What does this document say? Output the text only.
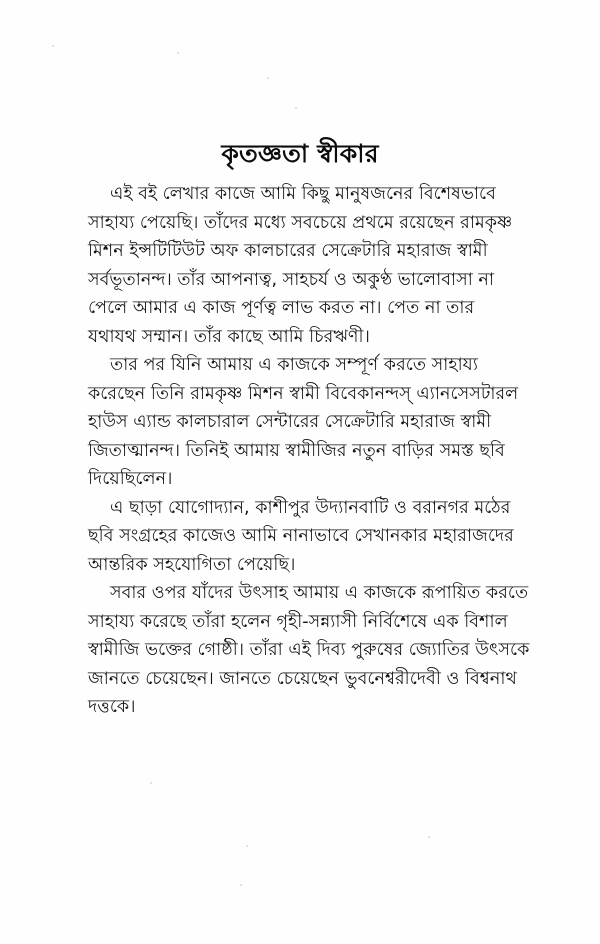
কৃতজ্ঞতা স্বীকার
এই বই লেখার কাজে আমি কিছু মানুষজনের বিশেষভাবে
সাহায্য পেয়েছি। তাঁদের মধ্যে সবচেয়ে প্রথমে রয়েছেন রামকৃষ্ণ
মিশন ইন্সটিটিউট অফ কালচারের সেক্রেটারি মহারাজ স্বামী
সর্বভূতানন্দ। তাঁর আপনাত্ব, সাহচর্য ও অকুণ্ঠ ভালোবাসা না
পেলে আমার এ কাজ পূর্ণত্ব লাভ করত না। পেত না তার
যথাযথ সম্মান। তাঁর কাছে আমি চিরঋণী।
তার পর যিনি আমায় এ কাজকে সম্পূর্ণ করতে সাহায্য
করেছেন তিনি রামকৃষ্ণ মিশন স্বামী বিবেকানন্দস্ এ্যানসেসটারল
হাউস এ্যান্ড কালচারাল সেন্টারের সেক্রেটারি মহারাজ স্বামী
জিতাত্মানন্দ। তিনিই আমায় স্বামীজির নতুন বাড়ির সমস্ত ছবি
দিয়েছিলেন।
এ ছাড়া যোগোদ্যান, কাশীপুর উদ্যানবাটি ও বরানগর মঠের
ছবি সংগ্রহের কাজেও আমি নানাভাবে সেখানকার মহারাজদের
আন্তরিক সহযোগিতা পেয়েছি।
সবার ওপর যাঁদের উৎসাহ আমায় এ কাজকে রূপায়িত করতে
সাহায্য করেছে তাঁরা হলেন গৃহী-সন্ন্যাসী নির্বিশেষে এক বিশাল
স্বামীজি ভক্তের গোষ্ঠী। তাঁরা এই দিব্য পুরুষের জ্যোতির উৎসকে
জানতে চেয়েছেন। জানতে চেয়েছেন ভুবনেশ্বরীদেবী ও বিশ্বনাথ
দত্তকে।
